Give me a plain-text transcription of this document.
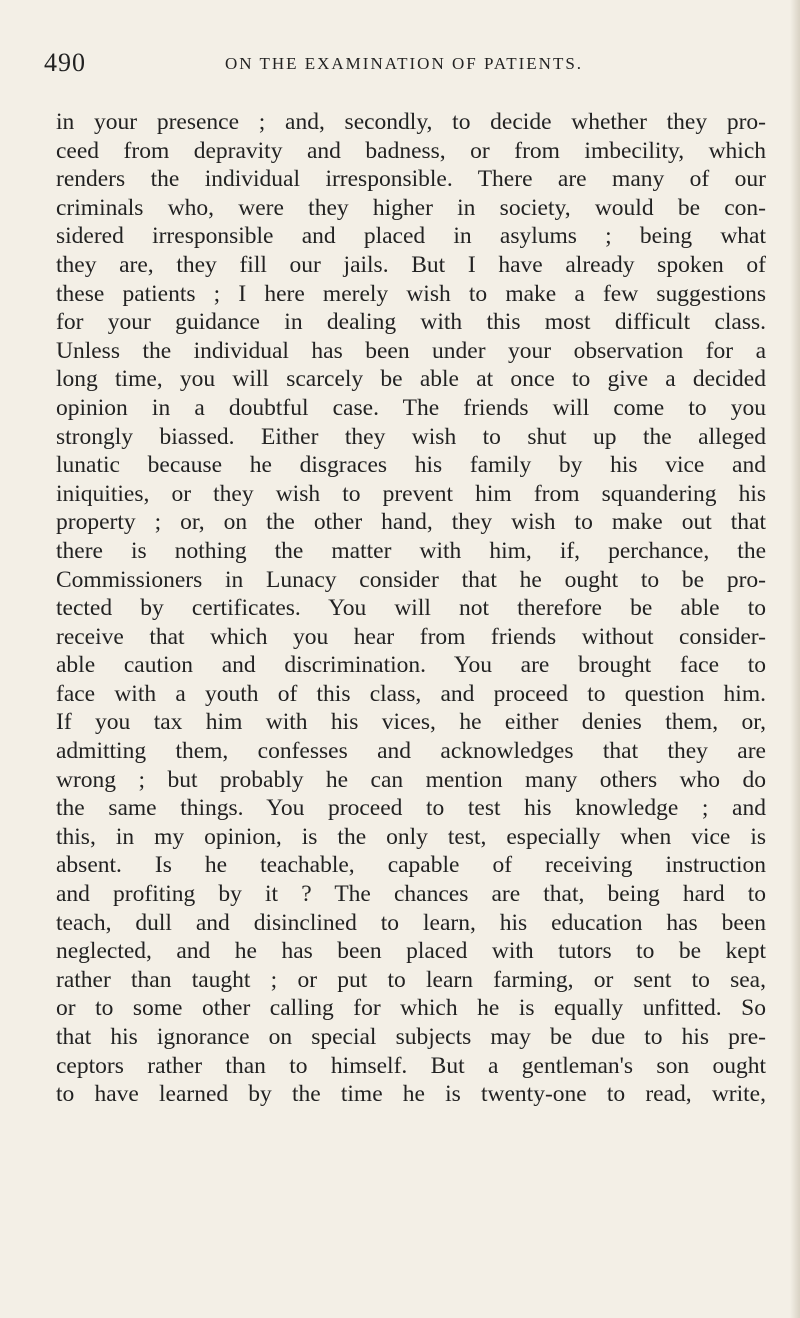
490	ON THE EXAMINATION OF PATIENTS.
in your presence ; and, secondly, to decide whether they pro-
ceed from depravity and badness, or from imbecility, which
renders the individual irresponsible. There are many of our
criminals who, were they higher in society, would be con-
sidered irresponsible and placed in asylums ; being what
they are, they fill our jails. But I have already spoken of
these patients ; I here merely wish to make a few suggestions
for your guidance in dealing with this most difficult class.
Unless the individual has been under your observation for a
long time, you will scarcely be able at once to give a decided
opinion in a doubtful case. The friends will come to you
strongly biassed. Either they wish to shut up the alleged
lunatic because he disgraces his family by his vice and
iniquities, or they wish to prevent him from squandering his
property ; or, on the other hand, they wish to make out that
there is nothing the matter with him, if, perchance, the
Commissioners in Lunacy consider that he ought to be pro-
tected by certificates. You will not therefore be able to
receive that which you hear from friends without consider-
able caution and discrimination. You are brought face to
face with a youth of this class, and proceed to question him.
If you tax him with his vices, he either denies them, or,
admitting them, confesses and acknowledges that they are
wrong ; but probably he can mention many others who do
the same things. You proceed to test his knowledge ; and
this, in my opinion, is the only test, especially when vice is
absent. Is he teachable, capable of receiving instruction
and profiting by it ? The chances are that, being hard to
teach, dull and disinclined to learn, his education has been
neglected, and he has been placed with tutors to be kept
rather than taught ; or put to learn farming, or sent to sea,
or to some other calling for which he is equally unfitted. So
that his ignorance on special subjects may be due to his pre-
ceptors rather than to himself. But a gentleman's son ought
to have learned by the time he is twenty-one to read, write,
